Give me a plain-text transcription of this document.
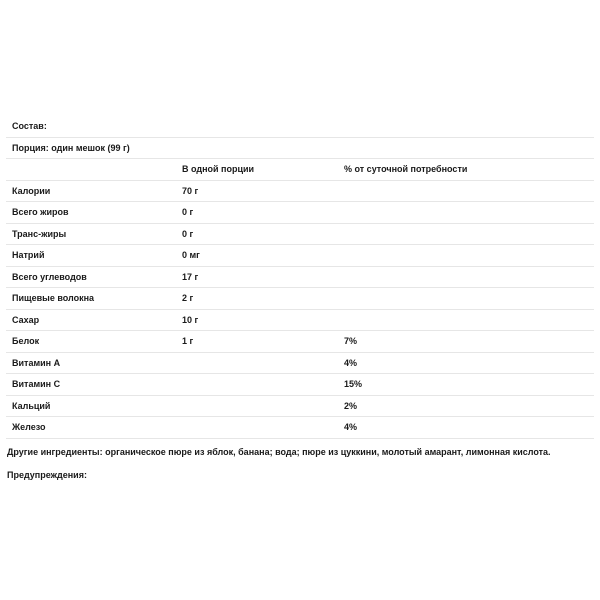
Состав:		
Порция: один мешок (99 г)		
	В одной порции	% от суточной потребности
Калории	70 г	
Всего жиров	0 г	
Транс-жиры	0 г	
Натрий	0 мг	
Всего углеводов	17 г	
Пищевые волокна	2 г	
Сахар	10 г	
Белок	1 г	7%
Витамин A		4%
Витамин C		15%
Кальций		2%
Железо		4%
Другие ингредиенты: органическое пюре из яблок, банана; вода; пюре из цуккини, молотый амарант, лимонная кислота.
Предупреждения:
